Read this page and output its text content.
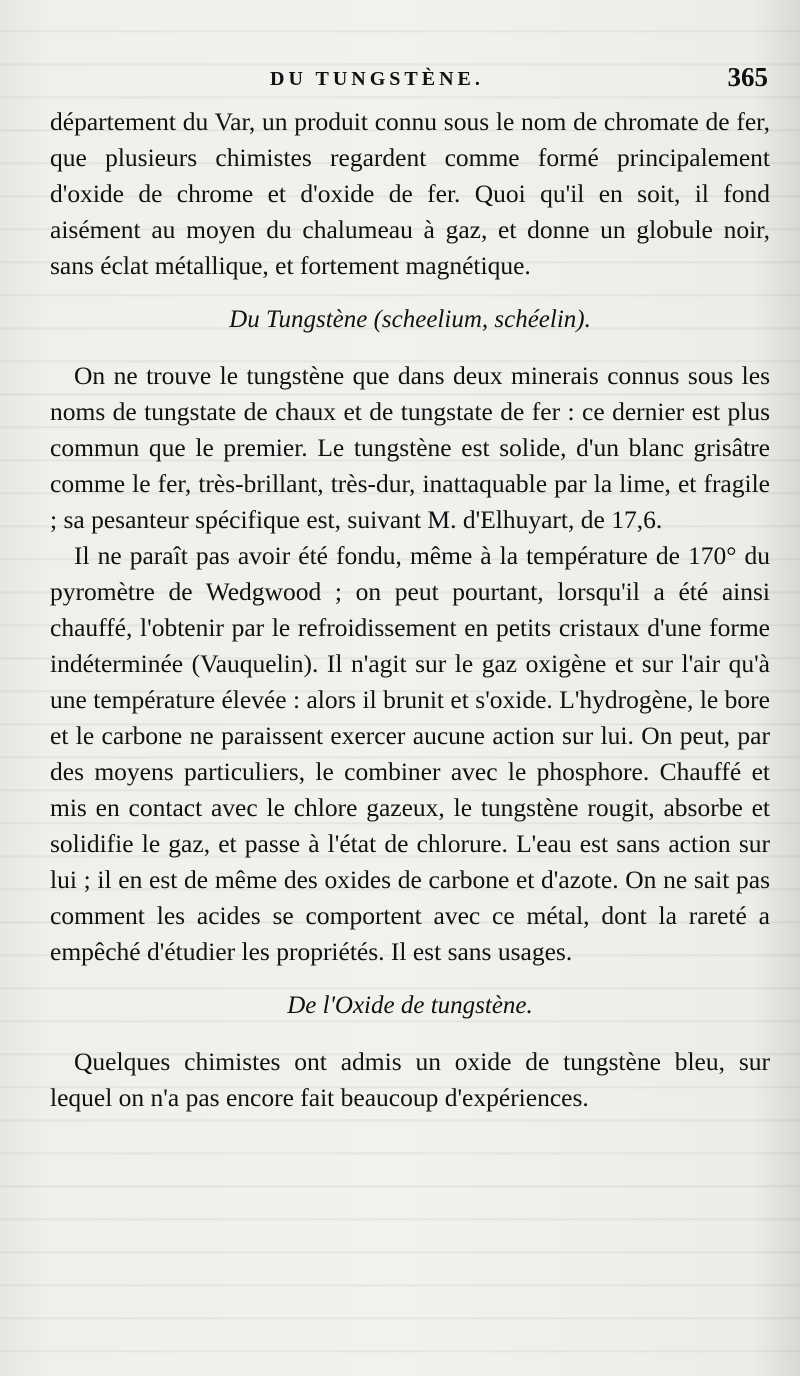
DU TUNGSTÈNE.	365

département du Var, un produit connu sous le nom de chromate de fer, que plusieurs chimistes regardent comme formé principalement d'oxide de chrome et d'oxide de fer. Quoi qu'il en soit, il fond aisément au moyen du chalumeau à gaz, et donne un globule noir, sans éclat métallique, et fortement magnétique.

Du Tungstène (scheelium, schéelin).

On ne trouve le tungstène que dans deux minerais connus sous les noms de tungstate de chaux et de tungstate de fer : ce dernier est plus commun que le premier. Le tungstène est solide, d'un blanc grisâtre comme le fer, très-brillant, très-dur, inattaquable par la lime, et fragile ; sa pesanteur spécifique est, suivant M. d'Elhuyart, de 17,6.

Il ne paraît pas avoir été fondu, même à la température de 170° du pyromètre de Wedgwood ; on peut pourtant, lorsqu'il a été ainsi chauffé, l'obtenir par le refroidissement en petits cristaux d'une forme indéterminée (Vauquelin). Il n'agit sur le gaz oxigène et sur l'air qu'à une température élevée : alors il brunit et s'oxide. L'hydrogène, le bore et le carbone ne paraissent exercer aucune action sur lui. On peut, par des moyens particuliers, le combiner avec le phosphore. Chauffé et mis en contact avec le chlore gazeux, le tungstène rougit, absorbe et solidifie le gaz, et passe à l'état de chlorure. L'eau est sans action sur lui ; il en est de même des oxides de carbone et d'azote. On ne sait pas comment les acides se comportent avec ce métal, dont la rareté a empêché d'étudier les propriétés. Il est sans usages.

De l'Oxide de tungstène.

Quelques chimistes ont admis un oxide de tungstène bleu, sur lequel on n'a pas encore fait beaucoup d'expériences.
